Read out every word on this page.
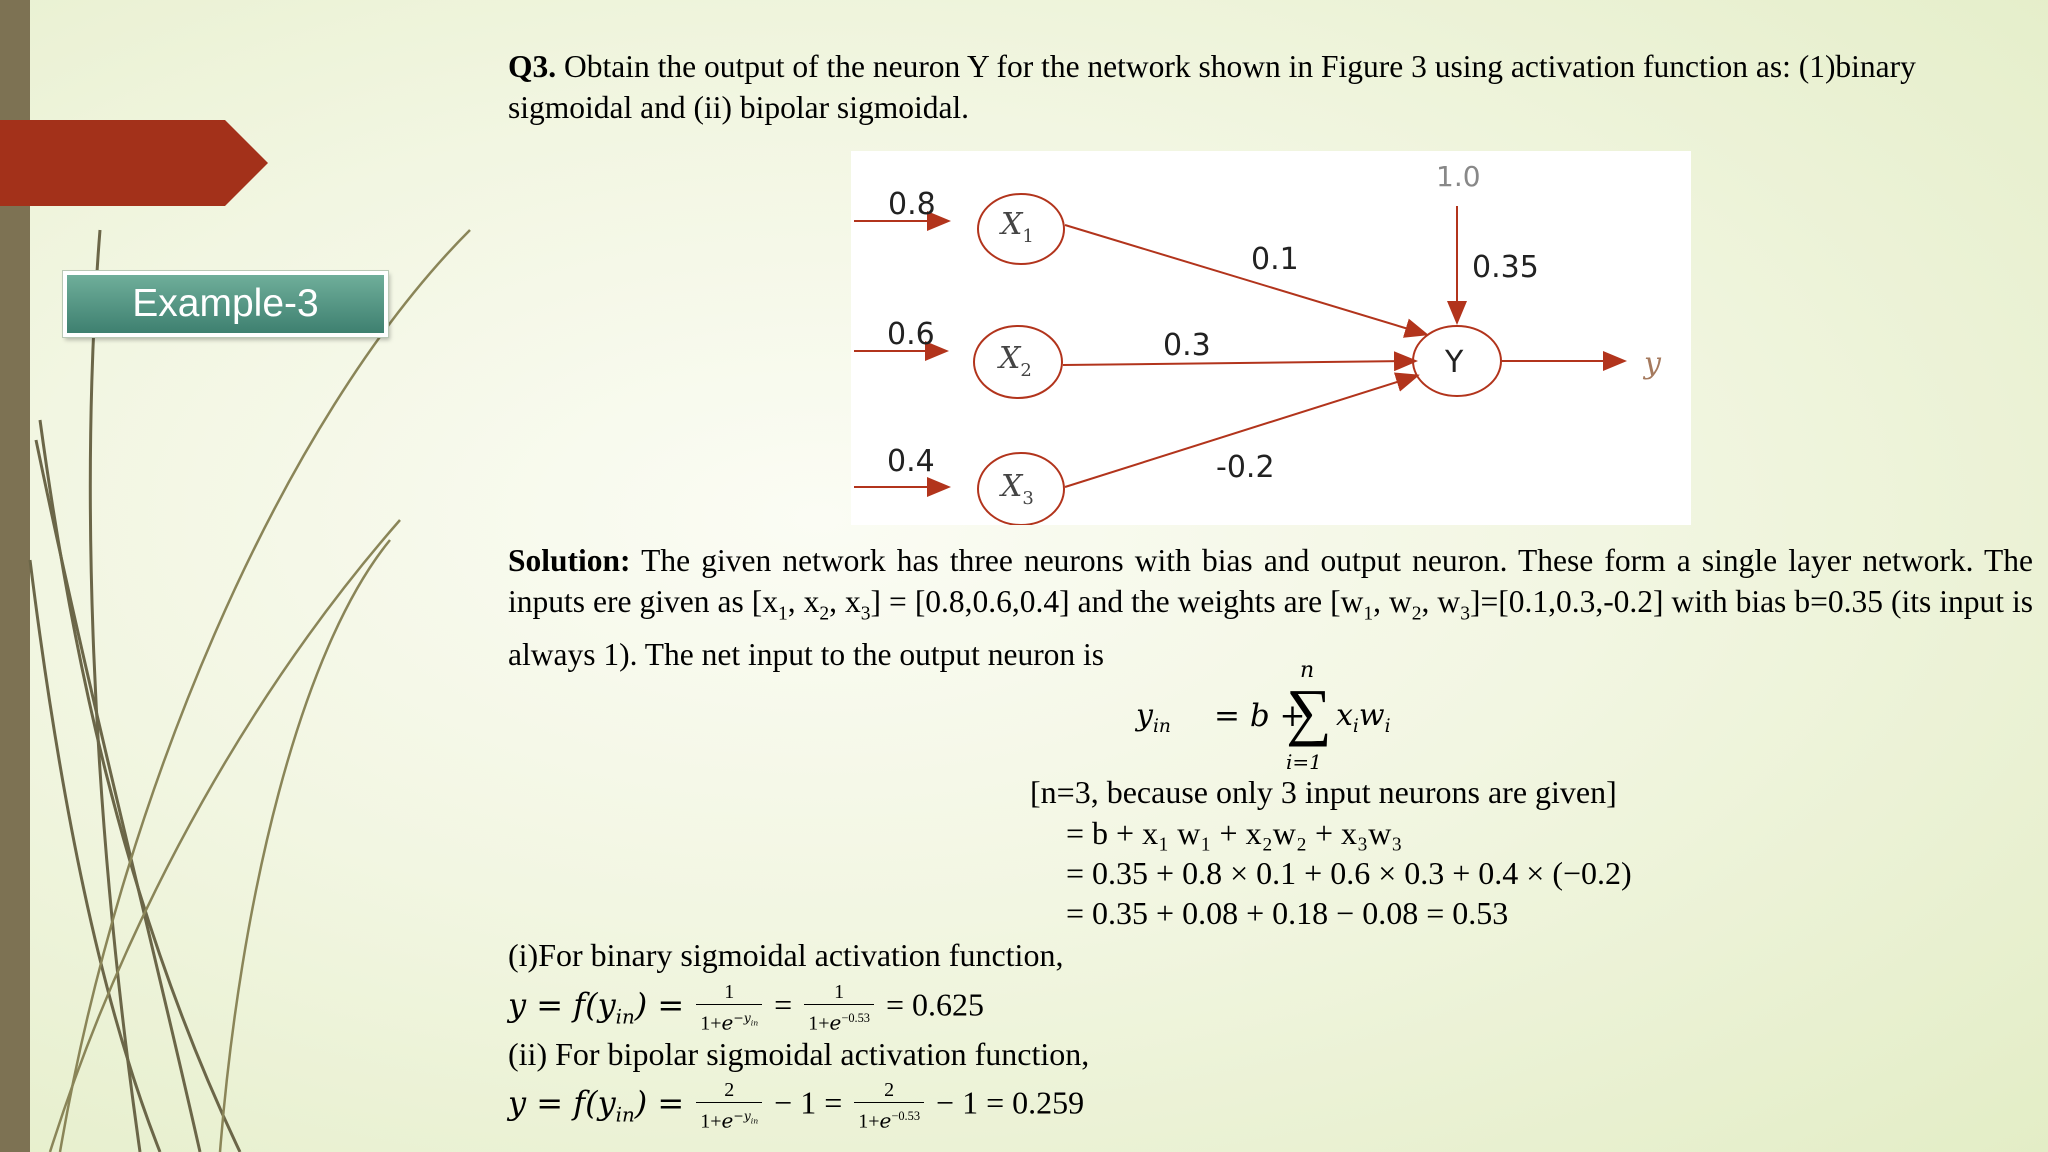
Example-3

Q3. Obtain the output of the neuron Y for the network shown in Figure 3 using activation function as: (1)binary sigmoidal and (ii) bipolar sigmoidal.

0.8
0.6
0.4
0.1
0.3
-0.2
0.35
Y
1.0
$X_1$
$X_2$
$X_3$
y
Solution: The given network has three neurons with bias and output neuron. These form a single layer network. The inputs ere given as [$x_1$, $x_2$, $x_3] = [0.8,0.6,0.4]$ and the weights are [$w_1$, $w_2$, $w_3]=[0.1,0.3,-0.2]$ with bias b=0.35 (its input is always 1). The net input to the output neuron is
$y_{in} = b$ +
n
∑
i=1
$x_iw_i$
[n=3, because only 3 input neurons are given]
= b + x₁ w₁ + x₂w₂ + x₃w₃
= 0.35 + 0.8 × 0.1 + 0.6 × 0.3 + 0.4 × (−0.2)
= 0.35 + 0.08 + 0.18 − 0.08 = 0.53
(i)For binary sigmoidal activation function,
$y = f(y_{in}) = \frac{1}{1+e^{-y_{in}}} = \frac{1}{1+e^{-0.53}} = 0.625$
(ii) For bipolar sigmoidal activation function,
$y = f(y_{in}) = \frac{2}{1+e^{-y_{in}}} - 1 = \frac{2}{1+e^{-0.53}} - 1 = 0.259$
